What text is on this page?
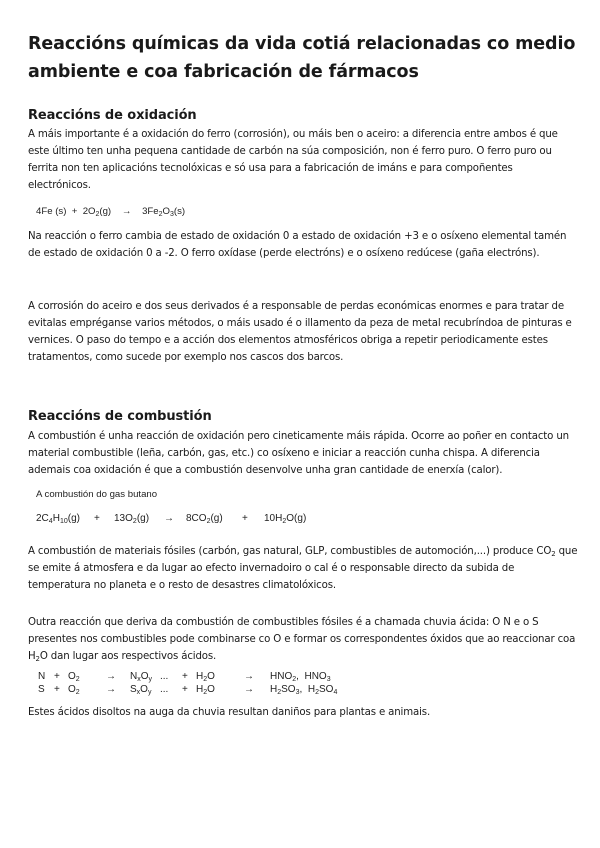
Reaccións químicas da vida cotiá relacionadas co medio ambiente e coa fabricación de fármacos
Reaccións de oxidación
A máis importante é a oxidación do ferro (corrosión), ou máis ben o aceiro: a diferencia entre ambos é que este último ten unha pequena cantidade de carbón na súa composición, non é ferro puro. O ferro puro ou ferrita non ten aplicacións tecnolóxicas e só usa para a fabricación de imáns e para compoñentes electrónicos.
4Fe $(s) + 2O_2(g) \to 3Fe_2O_3(s)$
Na reacción o ferro cambia de estado de oxidación 0 a estado de oxidación +3 e o osíxeno elemental tamén de estado de oxidación 0 a -2. O ferro oxídase (perde electróns) e o osíxeno redúcese (gaña electróns).
A corrosión do aceiro e dos seus derivados é a responsable de perdas económicas enormes e para tratar de evitalas empréganse varios métodos, o máis usado é o illamento da peza de metal recubríndoa de pinturas e vernices. O paso do tempo e a acción dos elementos atmosféricos obriga a repetir periodicamente estes tratamentos, como sucede por exemplo nos cascos dos barcos.
Reaccións de combustión
A combustión é unha reacción de oxidación pero cineticamente máis rápida. Ocorre ao poñer en contacto un material combustible (leña, carbón, gas, etc.) co osíxeno e iniciar a reacción cunha chispa. A diferencia ademais coa oxidación é que a combustión desenvolve unha gran cantidade de enerxía (calor).
A combustión do gas butano
$2C_4H_{10}(g) + 13O_2(g) \to 8CO_2(g) + 10H_2O(g)$
A combustión de materiais fósiles (carbón, gas natural, GLP, combustibles de automoción,...) produce $CO_2$ que se emite á atmosfera e da lugar ao efecto invernadoiro o cal é o responsable directo da subida de temperatura no planeta e o resto de desastres climatolóxicos.
Outra reacción que deriva da combustión de combustibles fósiles é a chamada chuvia ácida: O N e o S presentes nos combustibles pode combinarse co O e formar os correspondentes óxidos que ao reaccionar coa $H_2O$ dan lugar aos respectivos ácidos.
$N + O_2$	→ $N_xO_y$ ... + $H_2O$	→ $HNO_2$, $HNO_3$
$S + O_2$	→ $S_xO_y$ ... + $H_2O$	→ $H_2SO_3$, $H_2SO_4$
Estes ácidos disoltos na auga da chuvia resultan daniños para plantas e animais.
